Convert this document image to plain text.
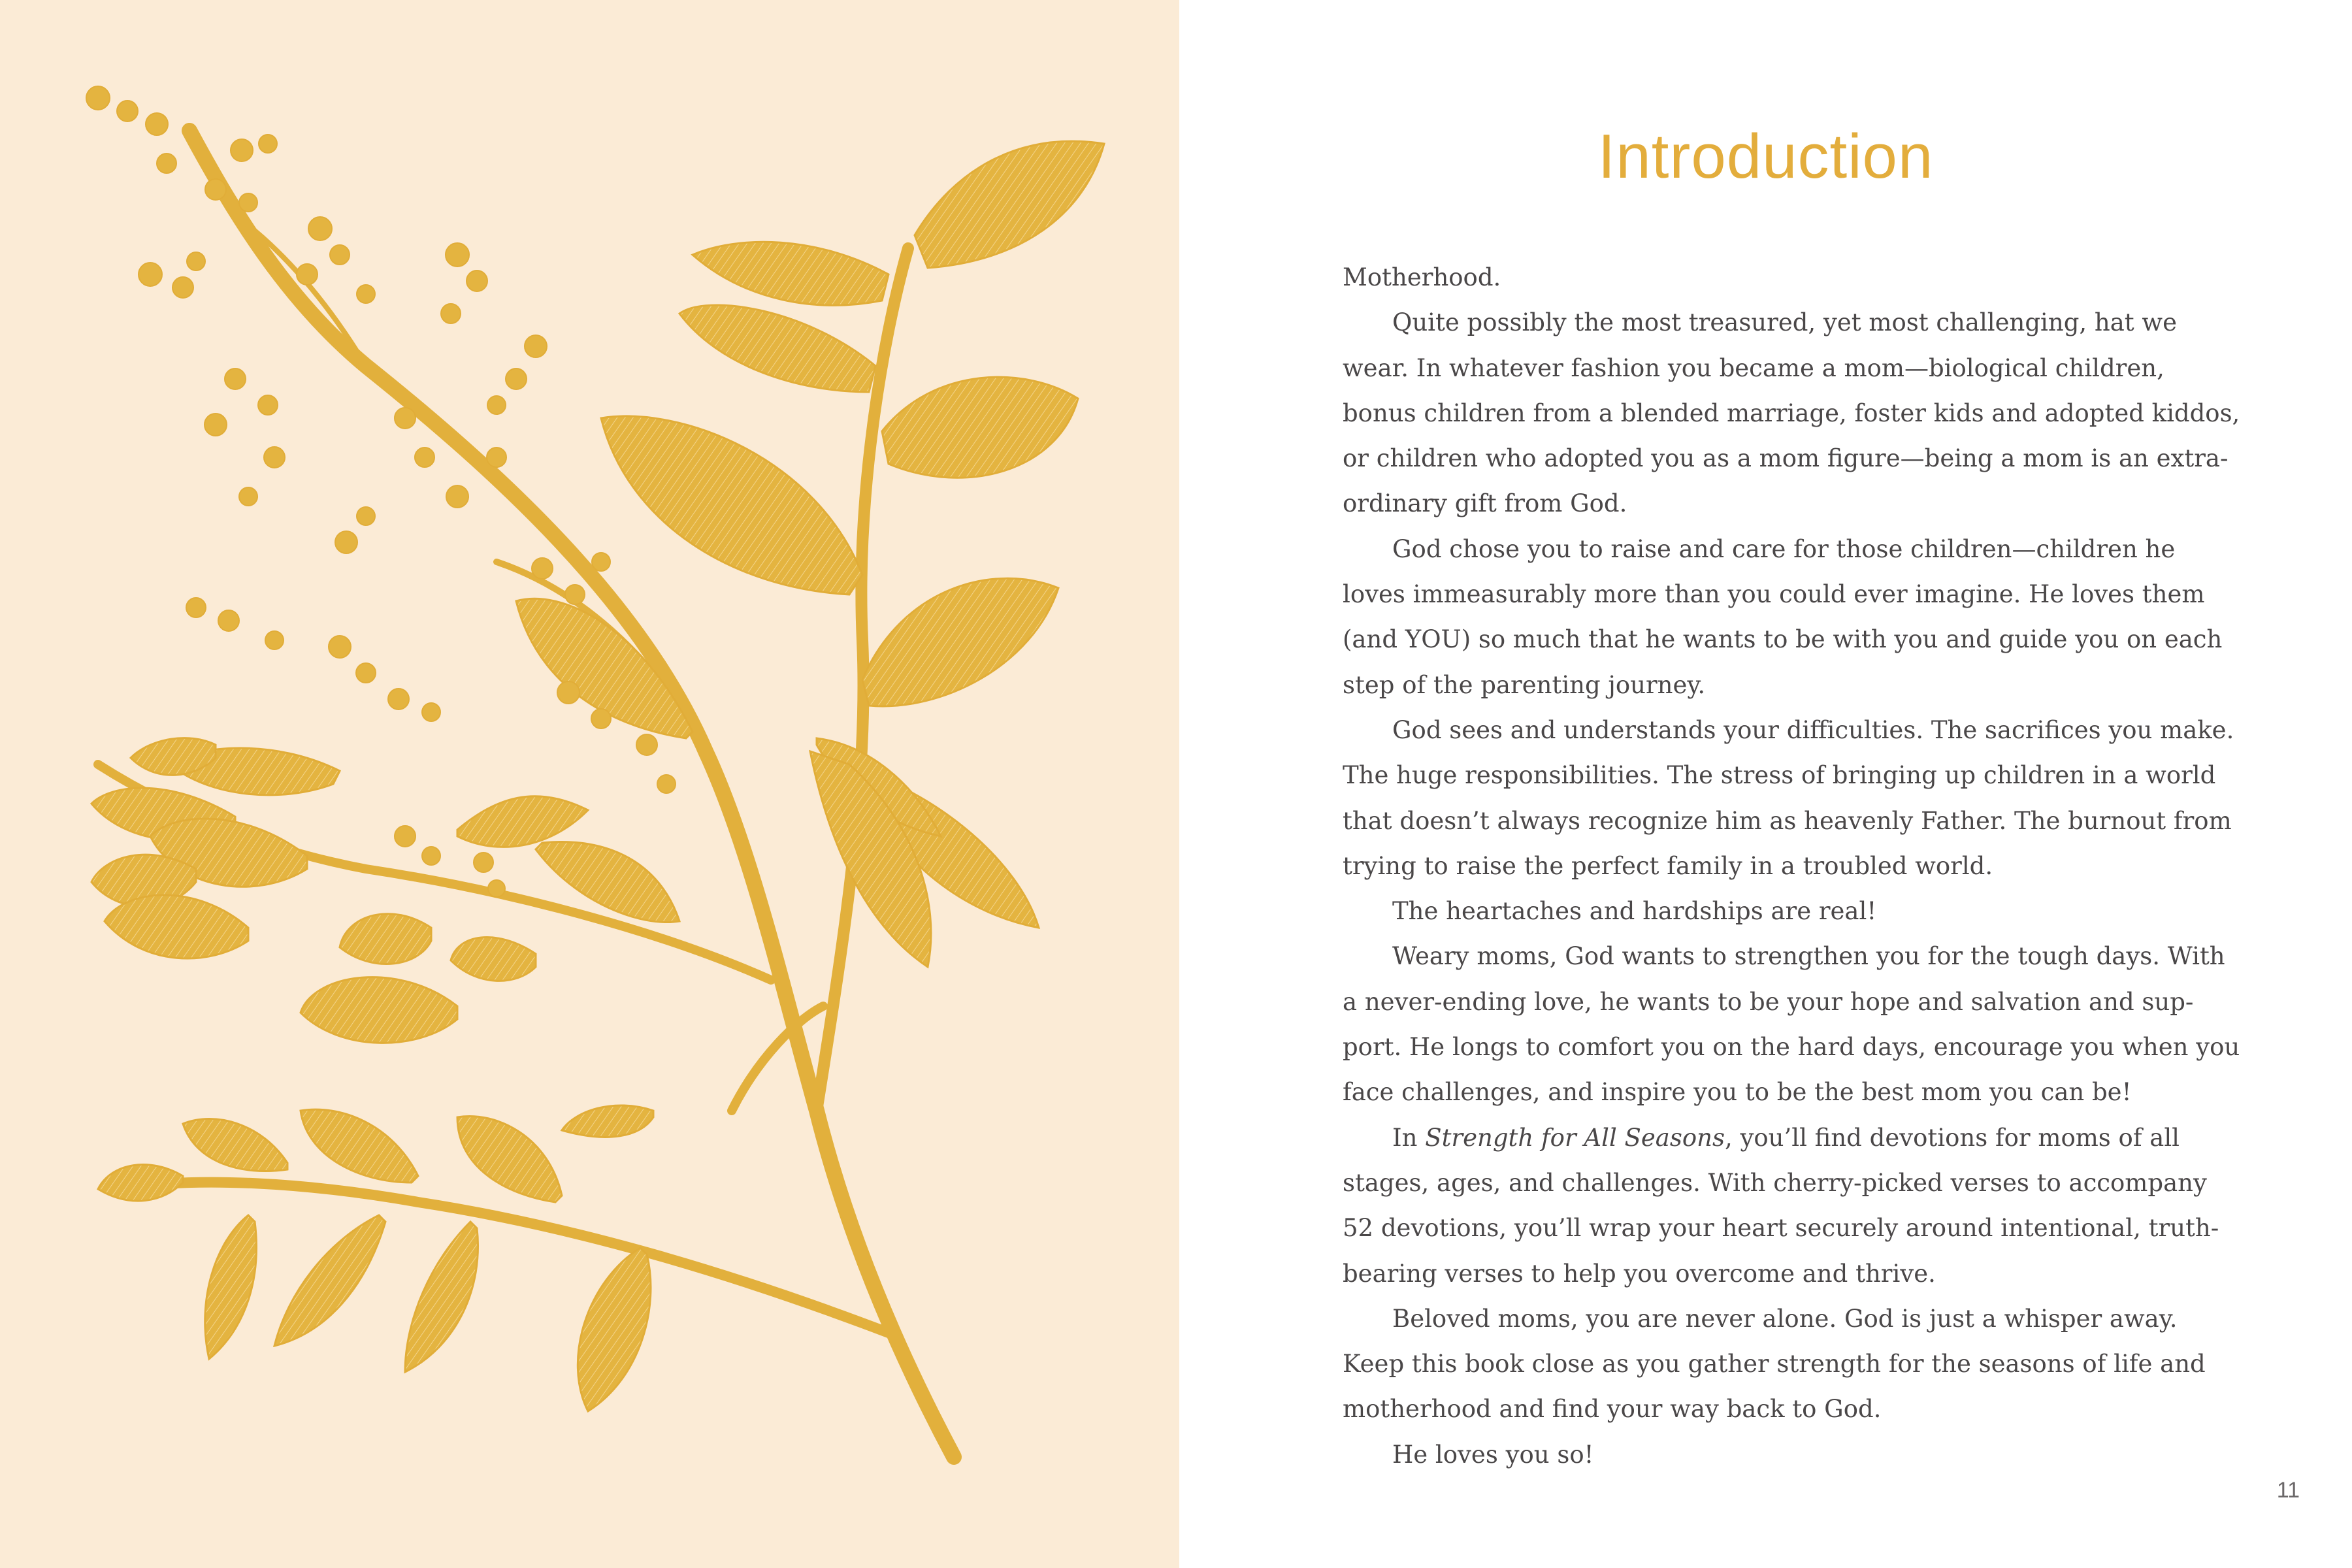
Introduction
Motherhood.
Quite possibly the most treasured, yet most challenging, hat we
wear. In whatever fashion you became a mom—biological children,
bonus children from a blended marriage, foster kids and adopted kiddos,
or children who adopted you as a mom figure—being a mom is an extra-
ordinary gift from God.
God chose you to raise and care for those children—children he
loves immeasurably more than you could ever imagine. He loves them
(and YOU) so much that he wants to be with you and guide you on each
step of the parenting journey.
God sees and understands your difficulties. The sacrifices you make.
The huge responsibilities. The stress of bringing up children in a world
that doesn’t always recognize him as heavenly Father. The burnout from
trying to raise the perfect family in a troubled world.
The heartaches and hardships are real!
Weary moms, God wants to strengthen you for the tough days. With
a never-ending love, he wants to be your hope and salvation and sup-
port. He longs to comfort you on the hard days, encourage you when you
face challenges, and inspire you to be the best mom you can be!
In Strength for All Seasons, you’ll find devotions for moms of all
stages, ages, and challenges. With cherry-picked verses to accompany
52 devotions, you’ll wrap your heart securely around intentional, truth-
bearing verses to help you overcome and thrive.
Beloved moms, you are never alone. God is just a whisper away.
Keep this book close as you gather strength for the seasons of life and
motherhood and find your way back to God.
He loves you so!
11
